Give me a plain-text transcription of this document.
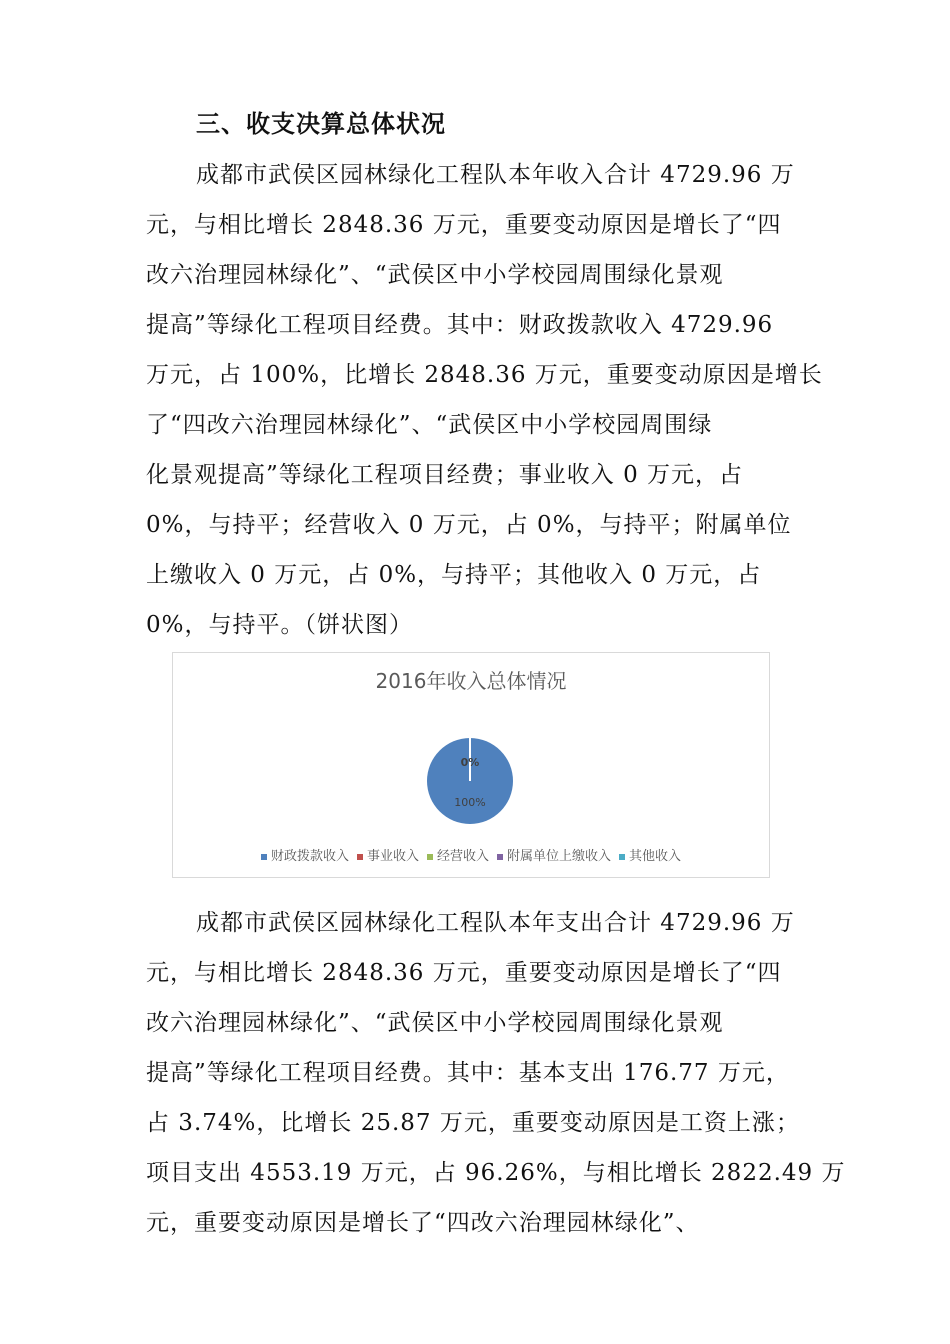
三、收支决算总体状况
成都市武侯区园林绿化工程队本年收入合计 4729.96 万
元，与相比增长 2848.36 万元，重要变动原因是增长了“四
改六治理园林绿化”、“武侯区中小学校园周围绿化景观
提高”等绿化工程项目经费。其中：财政拨款收入 4729.96
万元，占 100%，比增长 2848.36 万元，重要变动原因是增长
了“四改六治理园林绿化”、“武侯区中小学校园周围绿
化景观提高”等绿化工程项目经费；事业收入 0 万元，占
0%，与持平；经营收入 0 万元，占 0%，与持平；附属单位
上缴收入 0 万元，占 0%，与持平；其他收入 0 万元，占
0%，与持平。（饼状图）
2016年收入总体情况
100%
0%
财政拨款收入 事业收入 经营收入 附属单位上缴收入 其他收入
成都市武侯区园林绿化工程队本年支出合计 4729.96 万
元，与相比增长 2848.36 万元，重要变动原因是增长了“四
改六治理园林绿化”、“武侯区中小学校园周围绿化景观
提高”等绿化工程项目经费。其中：基本支出 176.77 万元，
占 3.74%，比增长 25.87 万元，重要变动原因是工资上涨；
项目支出 4553.19 万元，占 96.26%，与相比增长 2822.49 万
元，重要变动原因是增长了“四改六治理园林绿化”、
